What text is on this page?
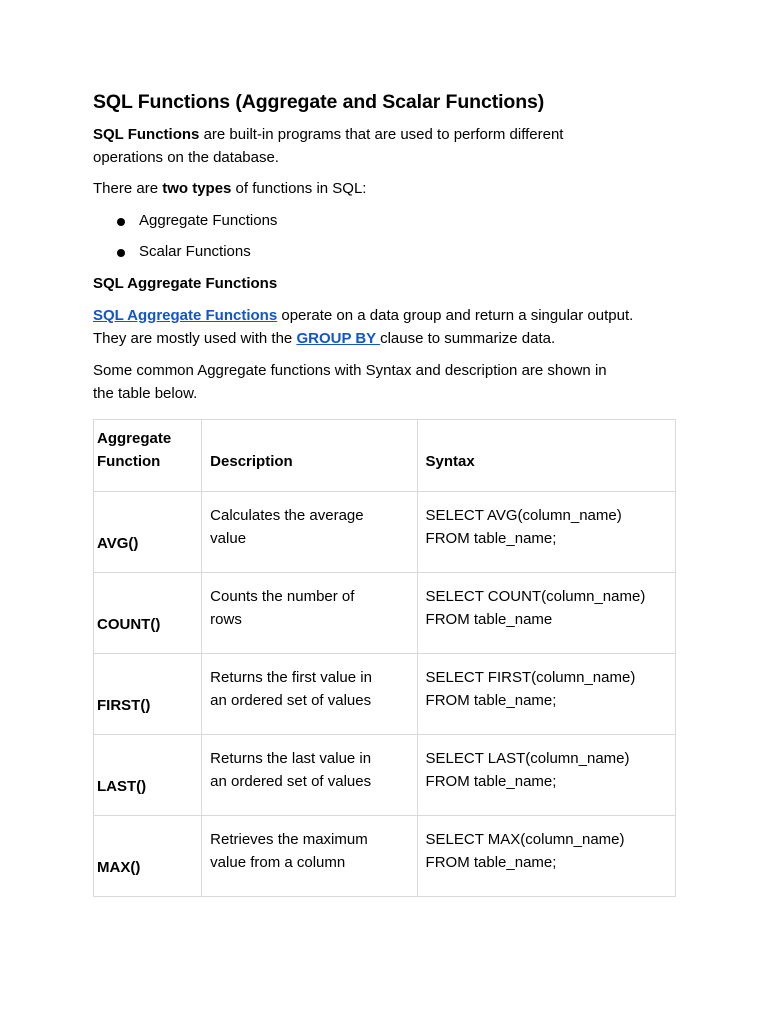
SQL Functions (Aggregate and Scalar Functions)

SQL Functions are built-in programs that are used to perform different
operations on the database.

There are two types of functions in SQL:

Aggregate Functions
Scalar Functions
SQL Aggregate Functions

SQL Aggregate Functions operate on a data group and return a singular output.
They are mostly used with the GROUP BY clause to summarize data.

Some common Aggregate functions with Syntax and description are shown in
the table below.

Aggregate
Function	Description	Syntax

AVG()	Calculates the average
value	SELECT AVG(column_name)
FROM table_name;

COUNT()	Counts the number of
rows	SELECT COUNT(column_name)
FROM table_name

FIRST()	Returns the first value in
an ordered set of values	SELECT FIRST(column_name)
FROM table_name;

LAST()	Returns the last value in
an ordered set of values	SELECT LAST(column_name)
FROM table_name;

MAX()	Retrieves the maximum
value from a column	SELECT MAX(column_name)
FROM table_name;
